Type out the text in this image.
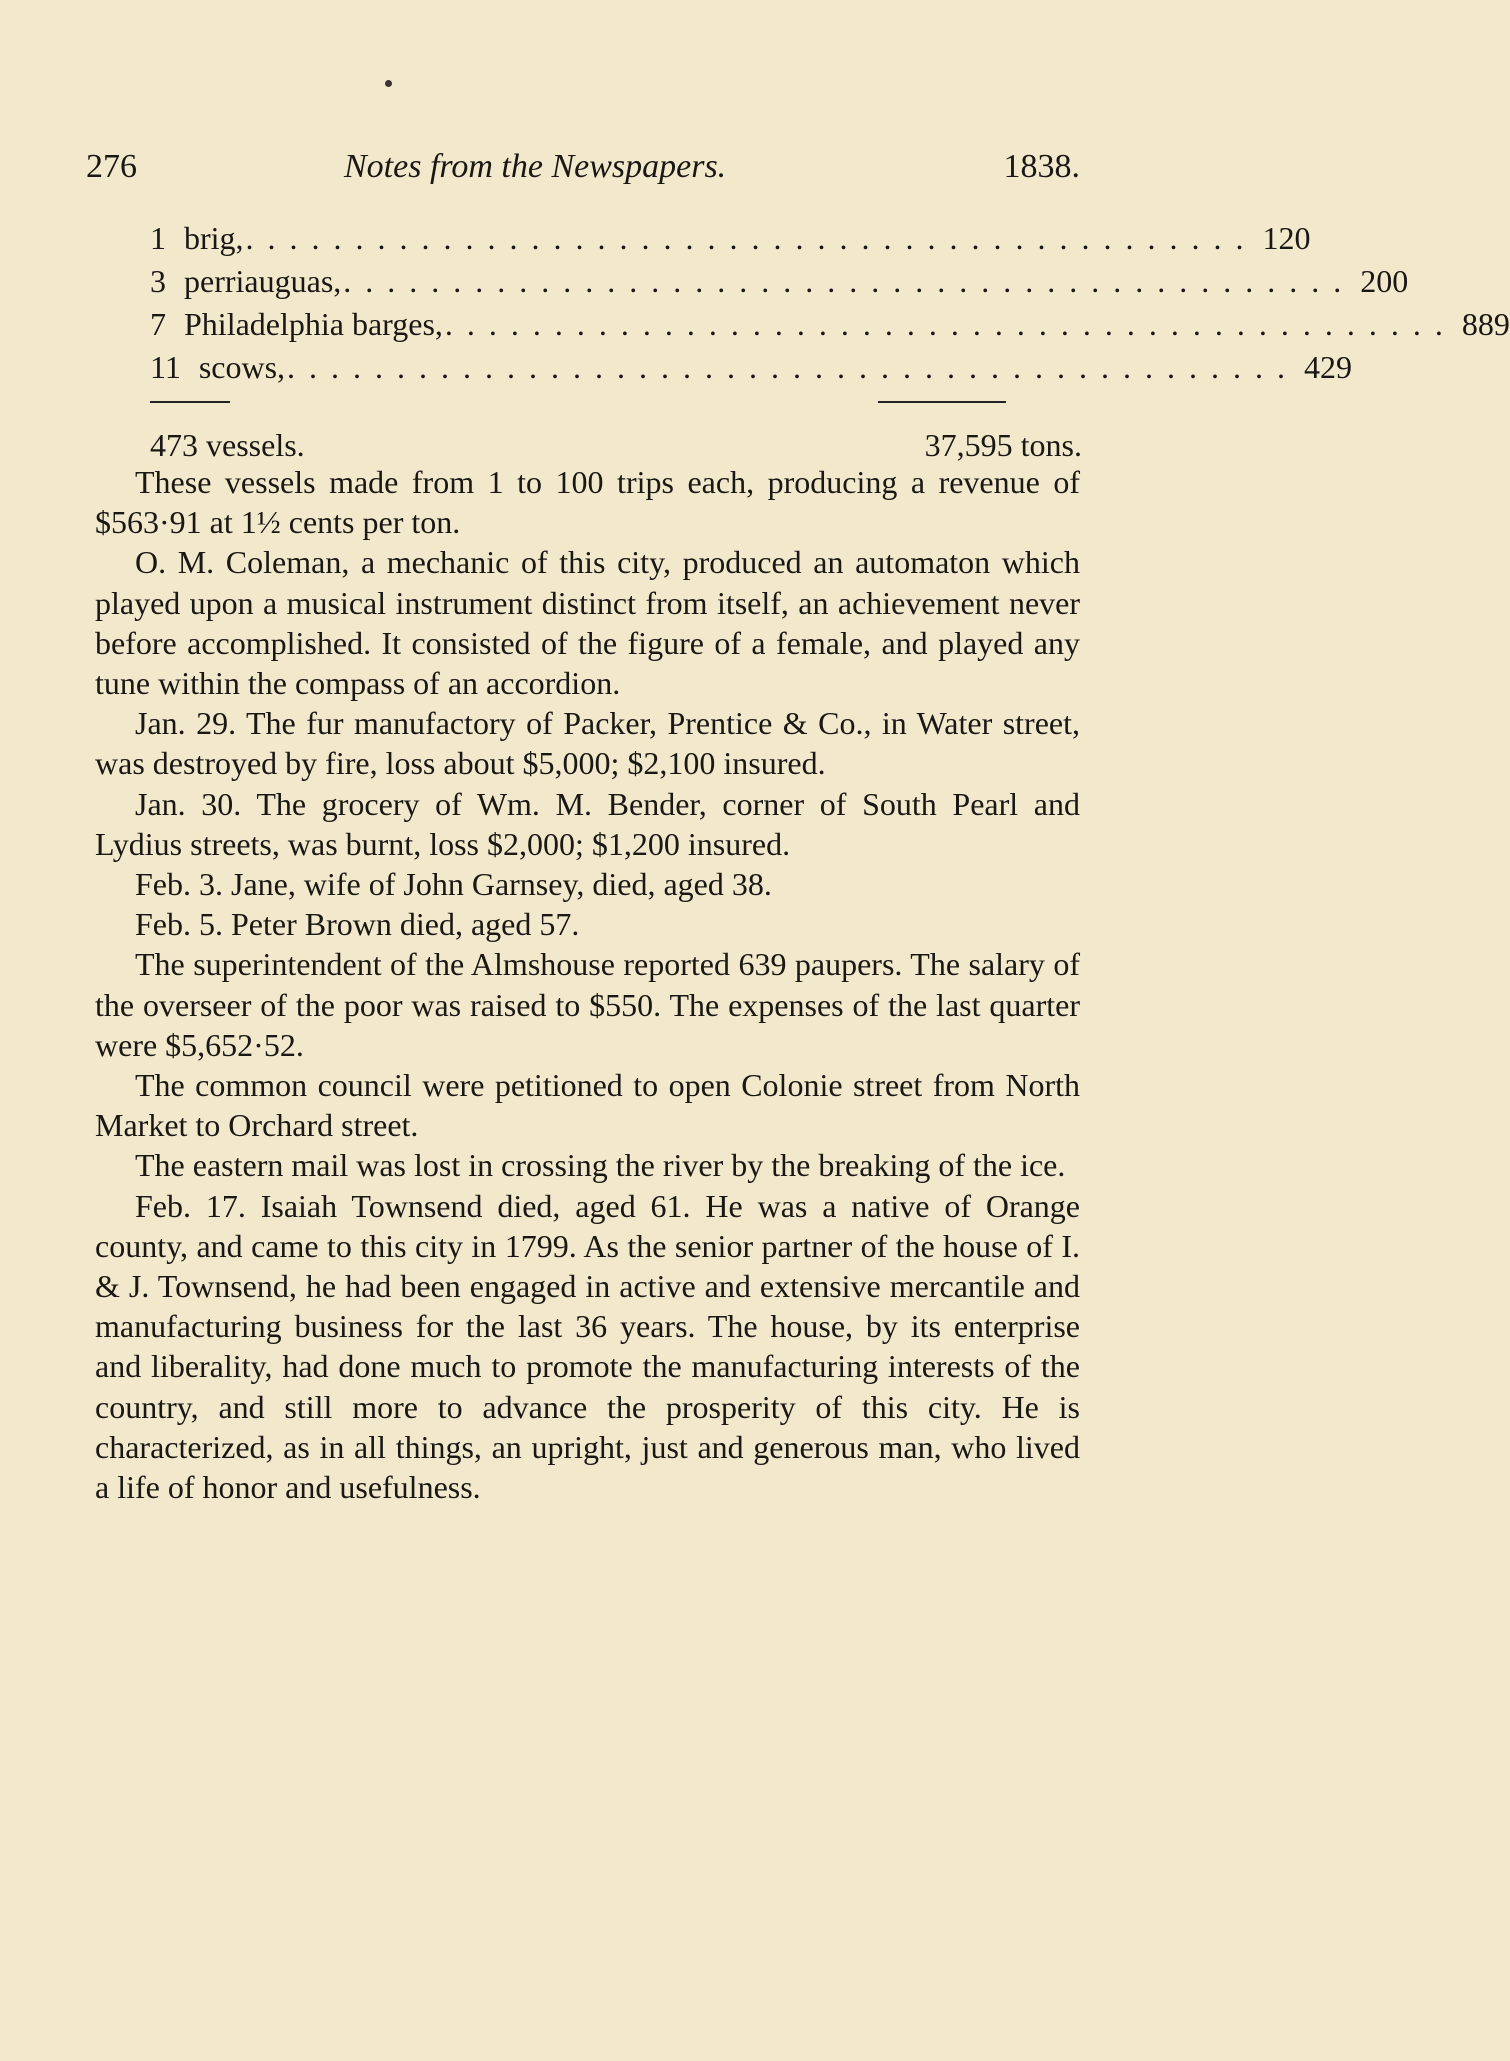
276	Notes from the Newspapers.	1838.
1 brig, . . . . . . . . . . . . . . . . . . . . . . . . . . . . . . . . . . . . . . . . . . . . . . 120
3 perriauguas, . . . . . . . . . . . . . . . . . . . . . . . . . . . . . . . . . . . . . . . . . . . . . . 200
7 Philadelphia barges, . . . . . . . . . . . . . . . . . . . . . . . . . . . . . . . . . . . . . . . . . . . . . . 889
11 scows, . . . . . . . . . . . . . . . . . . . . . . . . . . . . . . . . . . . . . . . . . . . . . . 429
473 vessels.	37,595 tons.

These vessels made from 1 to 100 trips each, producing a revenue of $563·91 at 1½ cents per ton.

O. M. Coleman, a mechanic of this city, produced an automaton which played upon a musical instrument distinct from itself, an achievement never before accomplished. It consisted of the figure of a female, and played any tune within the compass of an accordion.

Jan. 29. The fur manufactory of Packer, Prentice & Co., in Water street, was destroyed by fire, loss about $5,000; $2,100 insured.

Jan. 30. The grocery of Wm. M. Bender, corner of South Pearl and Lydius streets, was burnt, loss $2,000; $1,200 insured.

Feb. 3. Jane, wife of John Garnsey, died, aged 38.

Feb. 5. Peter Brown died, aged 57.

The superintendent of the Almshouse reported 639 paupers. The salary of the overseer of the poor was raised to $550. The expenses of the last quarter were $5,652·52.

The common council were petitioned to open Colonie street from North Market to Orchard street.

The eastern mail was lost in crossing the river by the breaking of the ice.

Feb. 17. Isaiah Townsend died, aged 61. He was a native of Orange county, and came to this city in 1799. As the senior partner of the house of I. & J. Townsend, he had been engaged in active and extensive mercantile and manufacturing business for the last 36 years. The house, by its enterprise and liberality, had done much to promote the manufacturing interests of the country, and still more to advance the prosperity of this city. He is characterized, as in all things, an upright, just and generous man, who lived a life of honor and usefulness.
